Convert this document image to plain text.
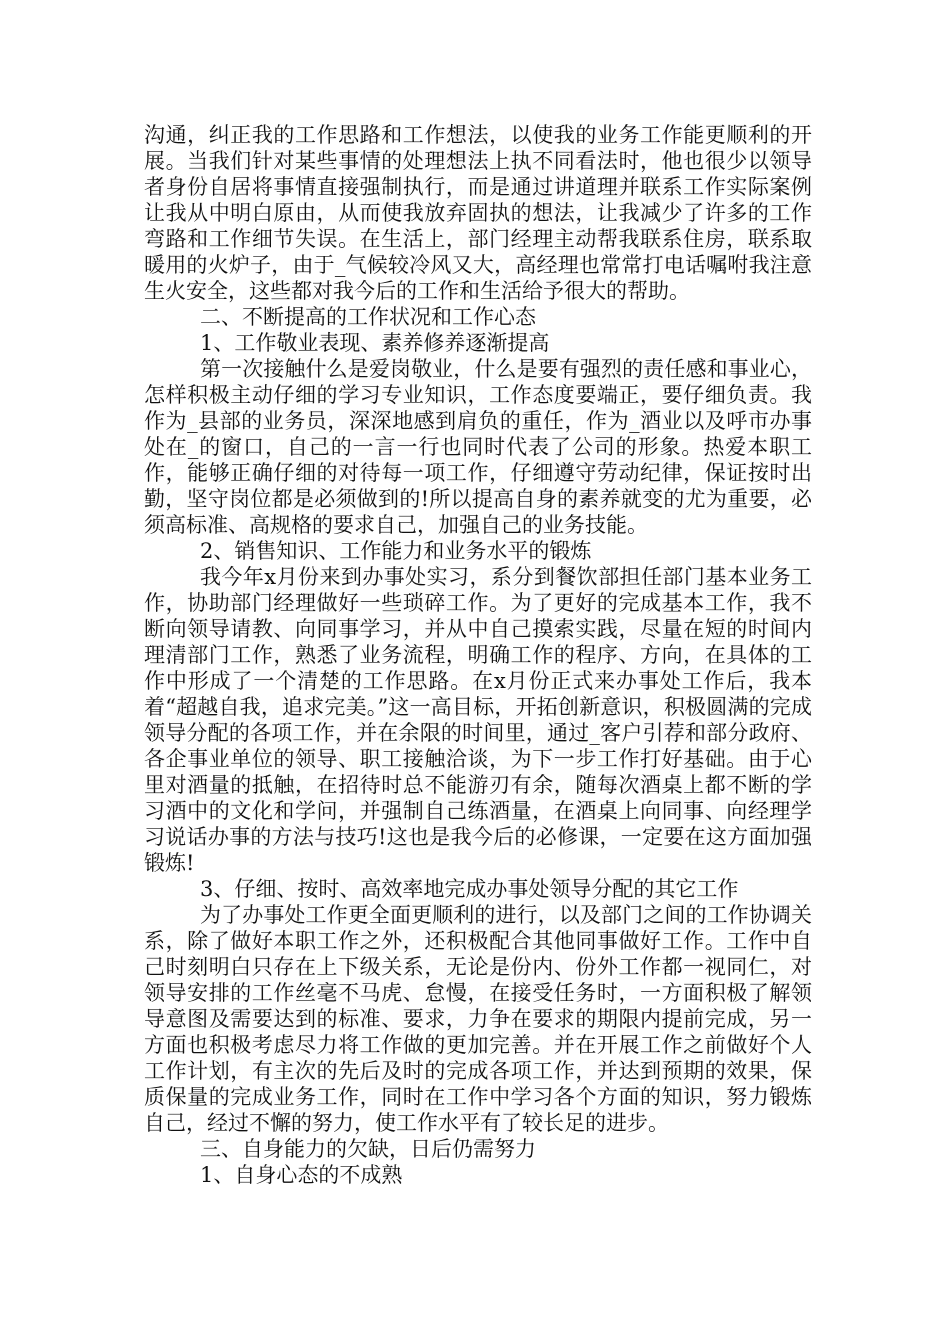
沟通，纠正我的工作思路和工作想法，以使我的业务工作能更顺利的开展。当我们针对某些事情的处理想法上执不同看法时，他也很少以领导者身份自居将事情直接强制执行，而是通过讲道理并联系工作实际案例让我从中明白原由，从而使我放弃固执的想法，让我减少了许多的工作弯路和工作细节失误。在生活上，部门经理主动帮我联系住房，联系取暖用的火炉子，由于_气候较冷风又大，高经理也常常打电话嘱咐我注意生火安全，这些都对我今后的工作和生活给予很大的帮助。

二、不断提高的工作状况和工作心态

1、工作敬业表现、素养修养逐渐提高

第一次接触什么是爱岗敬业，什么是要有强烈的责任感和事业心，怎样积极主动仔细的学习专业知识，工作态度要端正，要仔细负责。我作为_县部的业务员，深深地感到肩负的重任，作为_酒业以及呼市办事处在_的窗口，自己的一言一行也同时代表了公司的形象。热爱本职工作，能够正确仔细的对待每一项工作，仔细遵守劳动纪律，保证按时出勤，坚守岗位都是必须做到的!所以提高自身的素养就变的尤为重要，必须高标准、高规格的要求自己，加强自己的业务技能。

2、销售知识、工作能力和业务水平的锻炼

我今年x月份来到办事处实习，系分到餐饮部担任部门基本业务工作，协助部门经理做好一些琐碎工作。为了更好的完成基本工作，我不断向领导请教、向同事学习，并从中自己摸索实践，尽量在短的时间内理清部门工作，熟悉了业务流程，明确工作的程序、方向，在具体的工作中形成了一个清楚的工作思路。在x月份正式来办事处工作后，我本着“超越自我，追求完美。”这一高目标，开拓创新意识，积极圆满的完成领导分配的各项工作，并在余限的时间里，通过_客户引荐和部分政府、各企事业单位的领导、职工接触洽谈，为下一步工作打好基础。由于心里对酒量的抵触，在招待时总不能游刃有余，随每次酒桌上都不断的学习酒中的文化和学问，并强制自己练酒量，在酒桌上向同事、向经理学习说话办事的方法与技巧!这也是我今后的必修课，一定要在这方面加强锻炼!

3、仔细、按时、高效率地完成办事处领导分配的其它工作

为了办事处工作更全面更顺利的进行，以及部门之间的工作协调关系，除了做好本职工作之外，还积极配合其他同事做好工作。工作中自己时刻明白只存在上下级关系，无论是份内、份外工作都一视同仁，对领导安排的工作丝毫不马虎、怠慢，在接受任务时，一方面积极了解领导意图及需要达到的标准、要求，力争在要求的期限内提前完成，另一方面也积极考虑尽力将工作做的更加完善。并在开展工作之前做好个人工作计划，有主次的先后及时的完成各项工作，并达到预期的效果，保质保量的完成业务工作，同时在工作中学习各个方面的知识，努力锻炼自己，经过不懈的努力，使工作水平有了较长足的进步。

三、自身能力的欠缺，日后仍需努力

1、自身心态的不成熟
